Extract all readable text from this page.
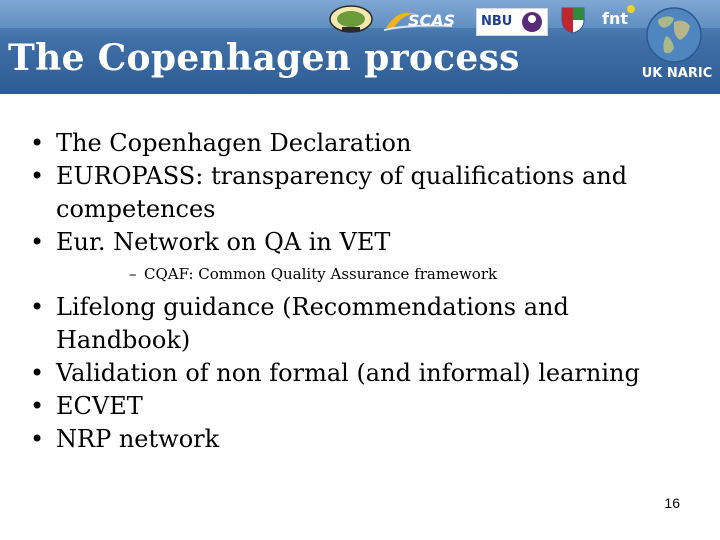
SCAS NBU	fnt
UK NARIC
The Copenhagen process
• The Copenhagen Declaration
• EUROPASS: transparency of qualifications and competences
• Eur. Network on QA in VET
– CQAF: Common Quality Assurance framework
• Lifelong guidance (Recommendations and Handbook)
• Validation of non formal (and informal) learning
• ECVET
• NRP network
16
